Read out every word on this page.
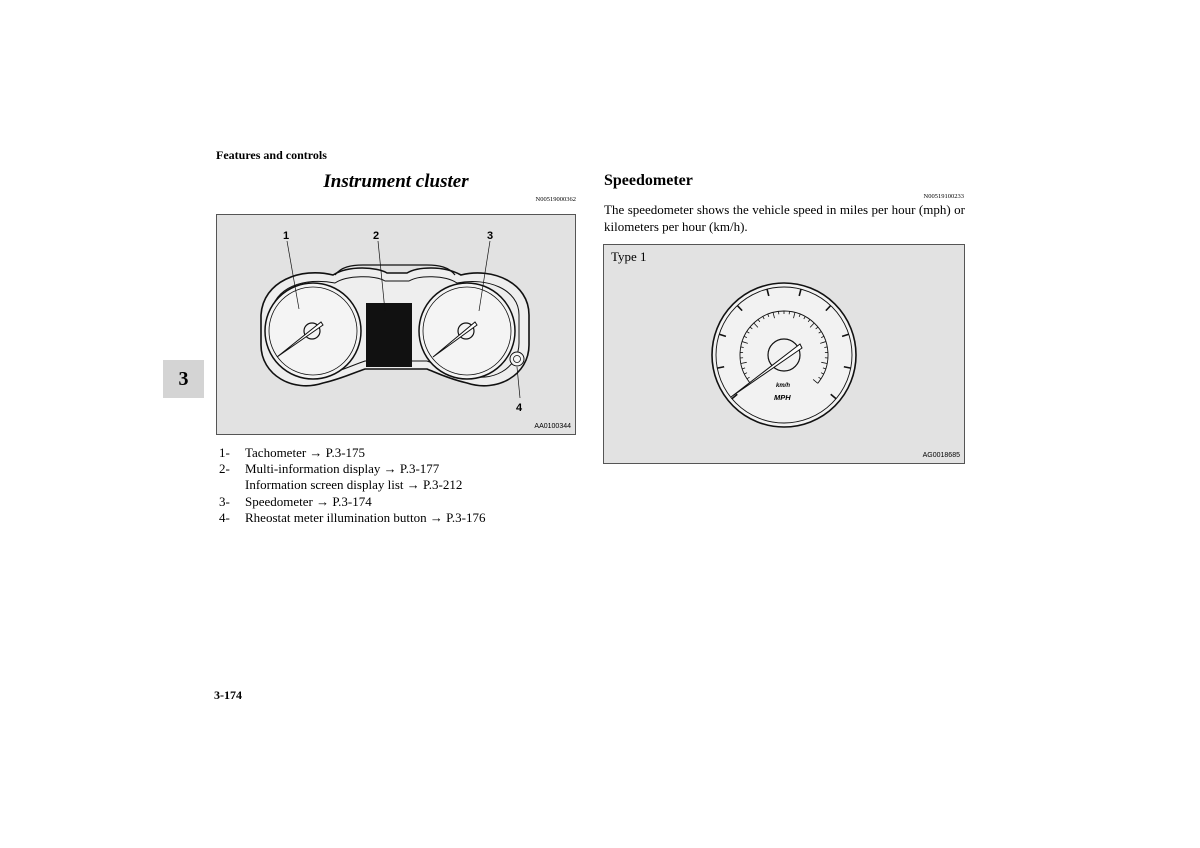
Features and controls
3
Instrument cluster
N00519000362
1	2	3
4
AA0100344
1-	Tachometer → P.3-175
2-	Multi-information display → P.3-177
Information screen display list → P.3-212
3-	Speedometer → P.3-174
4-	Rheostat meter illumination button → P.3-176
Speedometer
N00519100233
The speedometer shows the vehicle speed in miles per hour (mph) or kilometers per hour (km/h).
Type 1
km/h
MPH
AG0018685
3-174
